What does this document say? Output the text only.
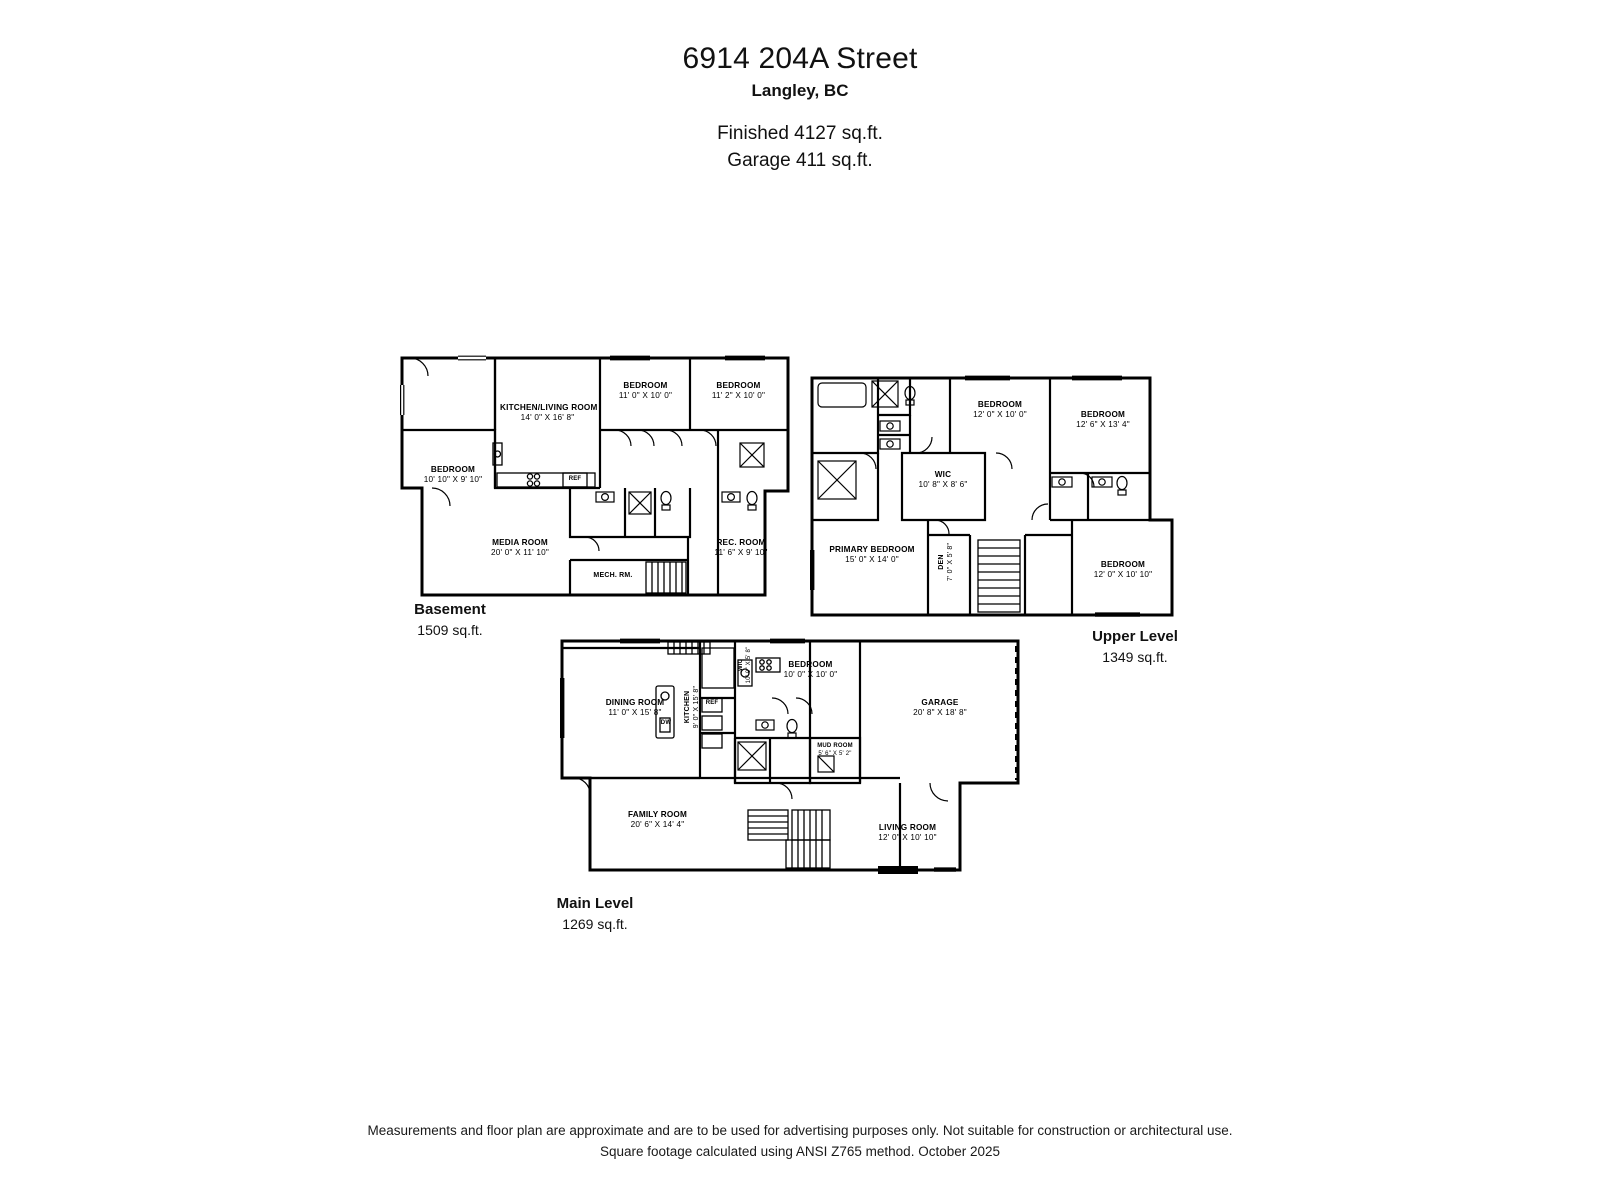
6914 204A Street
Langley, BC
Finished 4127 sq.ft.
Garage 411 sq.ft.
BEDROOM
10' 10" X 9' 10"
KITCHEN/LIVING ROOM
14' 0" X 16' 8"
BEDROOM
11' 0" X 10' 0"
BEDROOM
11' 2" X 10' 0"
MEDIA ROOM
20' 0" X 11' 10"
REC. ROOM
11' 6" X 9' 10"
MECH. RM.
REF
Basement
1509 sq.ft.
BEDROOM
12' 0" X 10' 0"	BEDROOM
12' 6" X 13' 4"
WIC
10' 8" X 8' 6"
PRIMARY BEDROOM
15' 0" X 14' 0"	DEN 7' 0" X 5' 8"	BEDROOM
12' 0" X 10' 10"
Upper Level
1349 sq.ft.
DINING ROOM
11' 0" X 15' 8"	KITCHEN 9' 0" X 15' 8"
WIC 10' 0" X 5' 8"	BEDROOM
10' 0" X 10' 0"
GARAGE
20' 8" X 18' 8"
MUD ROOM
5' 6" X 5' 2"
FAMILY ROOM
20' 6" X 14' 4"	LIVING ROOM
12' 0" X 10' 10"
REF
DW
Main Level
1269 sq.ft.
Measurements and floor plan are approximate and are to be used for advertising purposes only. Not suitable for construction or architectural use.
Square footage calculated using ANSI Z765 method. October 2025
